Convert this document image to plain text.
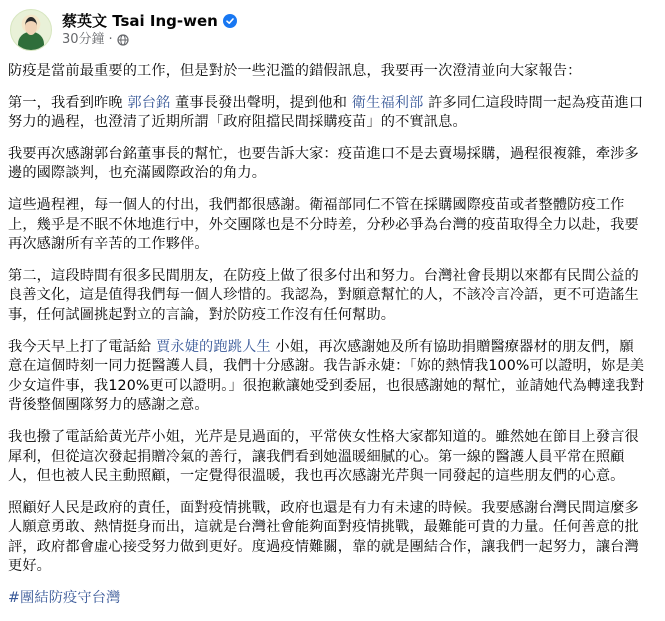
蔡英文 Tsai Ing-wen
30分鐘 ·

防疫是當前最重要的工作，但是對於一些氾濫的錯假訊息，我要再一次澄清並向大家報告：

第一，我看到昨晚 郭台銘 董事長發出聲明，提到他和 衛生福利部 許多同仁這段時間一起為疫苗進口努力的過程，也澄清了近期所謂「政府阻擋民間採購疫苗」的不實訊息。

我要再次感謝郭台銘董事長的幫忙，也要告訴大家：疫苗進口不是去賣場採購，過程很複雜，牽涉多邊的國際談判，也充滿國際政治的角力。

這些過程裡，每一個人的付出，我們都很感謝。衛福部同仁不管在採購國際疫苗或者整體防疫工作上，幾乎是不眠不休地進行中，外交團隊也是不分時差，分秒必爭為台灣的疫苗取得全力以赴，我要再次感謝所有辛苦的工作夥伴。

第二，這段時間有很多民間朋友，在防疫上做了很多付出和努力。台灣社會長期以來都有民間公益的良善文化，這是值得我們每一個人珍惜的。我認為，對願意幫忙的人，不該冷言冷語，更不可造謠生事，任何試圖挑起對立的言論，對於防疫工作沒有任何幫助。

我今天早上打了電話給 賈永婕的跑跳人生 小姐，再次感謝她及所有協助捐贈醫療器材的朋友們，願意在這個時刻一同力挺醫護人員，我們十分感謝。我告訴永婕：「妳的熱情我100%可以證明，妳是美少女這件事，我120%更可以證明。」很抱歉讓她受到委屈，也很感謝她的幫忙，並請她代為轉達我對背後整個團隊努力的感謝之意。

我也撥了電話給黃光芹小姐，光芹是見過面的，平常俠女性格大家都知道的。雖然她在節目上發言很犀利，但從這次發起捐贈冷氣的善行，讓我們看到她溫暖細膩的心。第一線的醫護人員平常在照顧人，但也被人民主動照顧，一定覺得很溫暖，我也再次感謝光芹與一同發起的這些朋友們的心意。

照顧好人民是政府的責任，面對疫情挑戰，政府也還是有力有未逮的時候。我要感謝台灣民間這麼多人願意勇敢、熱情挺身而出，這就是台灣社會能夠面對疫情挑戰，最難能可貴的力量。任何善意的批評，政府都會虛心接受努力做到更好。度過疫情難關，靠的就是團結合作，讓我們一起努力，讓台灣更好。

#團結防疫守台灣
